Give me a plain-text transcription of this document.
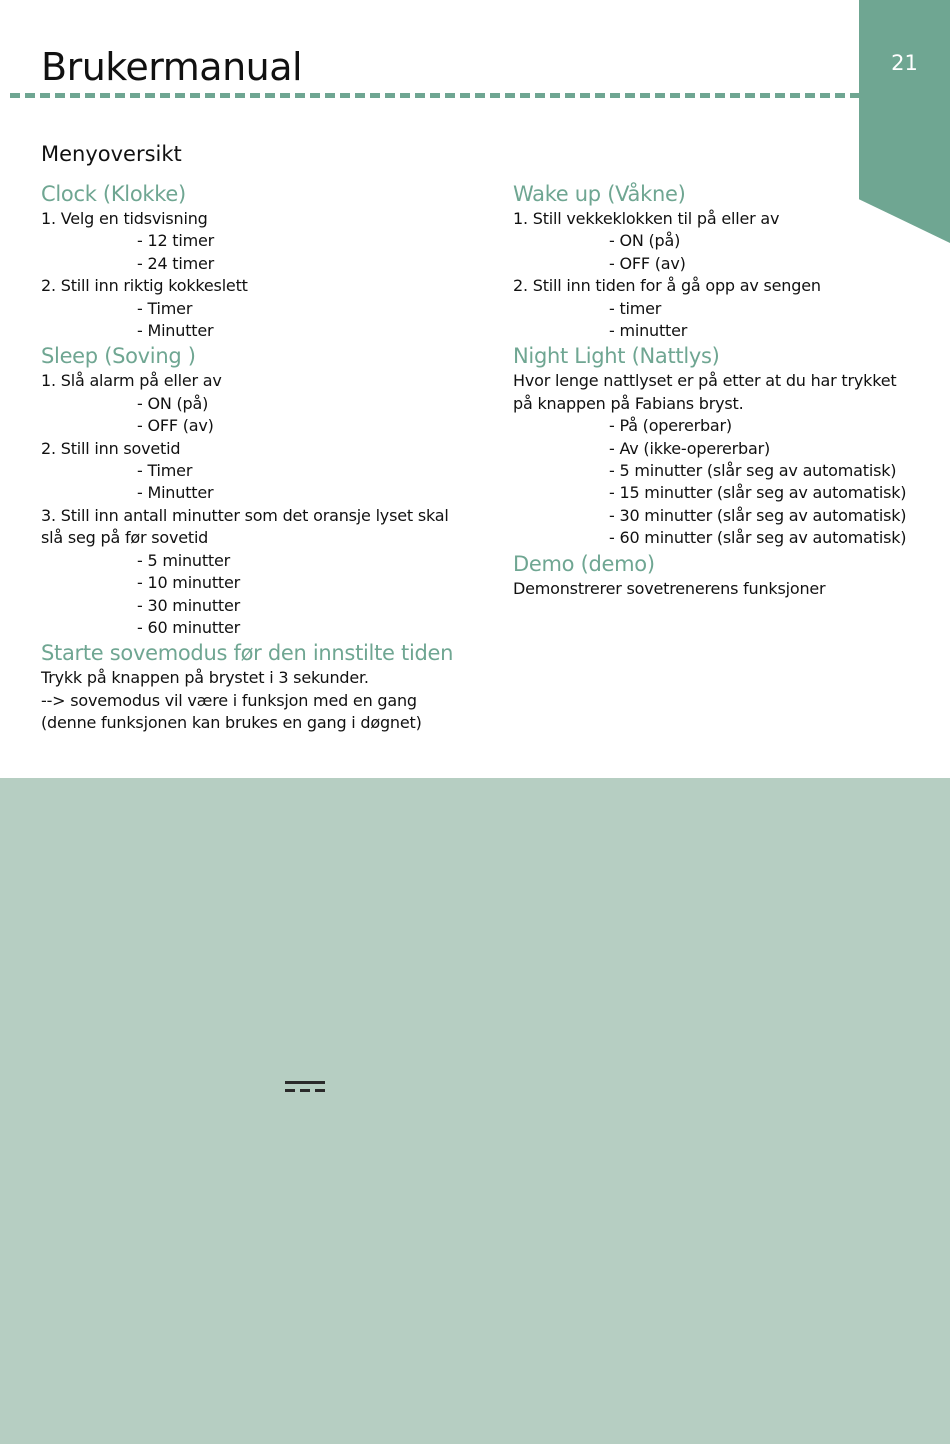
21
Brukermanual
Menyoversikt
Clock (Klokke)

1. Velg en tidsvisning

- 12 timer

- 24 timer

2. Still inn riktig kokkeslett

- Timer

- Minutter

Sleep (Soving )

1. Slå alarm på eller av

- ON (på)

- OFF (av)

2. Still inn sovetid

- Timer

- Minutter

3. Still inn antall minutter som det oransje lyset skal

slå seg på før sovetid

- 5 minutter

- 10 minutter

- 30 minutter

- 60 minutter

Starte sovemodus før den innstilte tiden

Trykk på knappen på brystet i 3 sekunder.

--> sovemodus vil være i funksjon med en gang

(denne funksjonen kan brukes en gang i døgnet)

Wake up (Våkne)

1. Still vekkeklokken til på eller av

- ON (på)

- OFF (av)

2. Still inn tiden for å gå opp av sengen

- timer

- minutter

Night Light (Nattlys)

Hvor lenge nattlyset er på etter at du har trykket

på knappen på Fabians bryst.

- På (opererbar)

- Av (ikke-opererbar)

- 5 minutter (slår seg av automatisk)

- 15 minutter (slår seg av automatisk)

- 30 minutter (slår seg av automatisk)

- 60 minutter (slår seg av automatisk)

Demo (demo)

Demonstrerer sovetrenerens funksjoner
